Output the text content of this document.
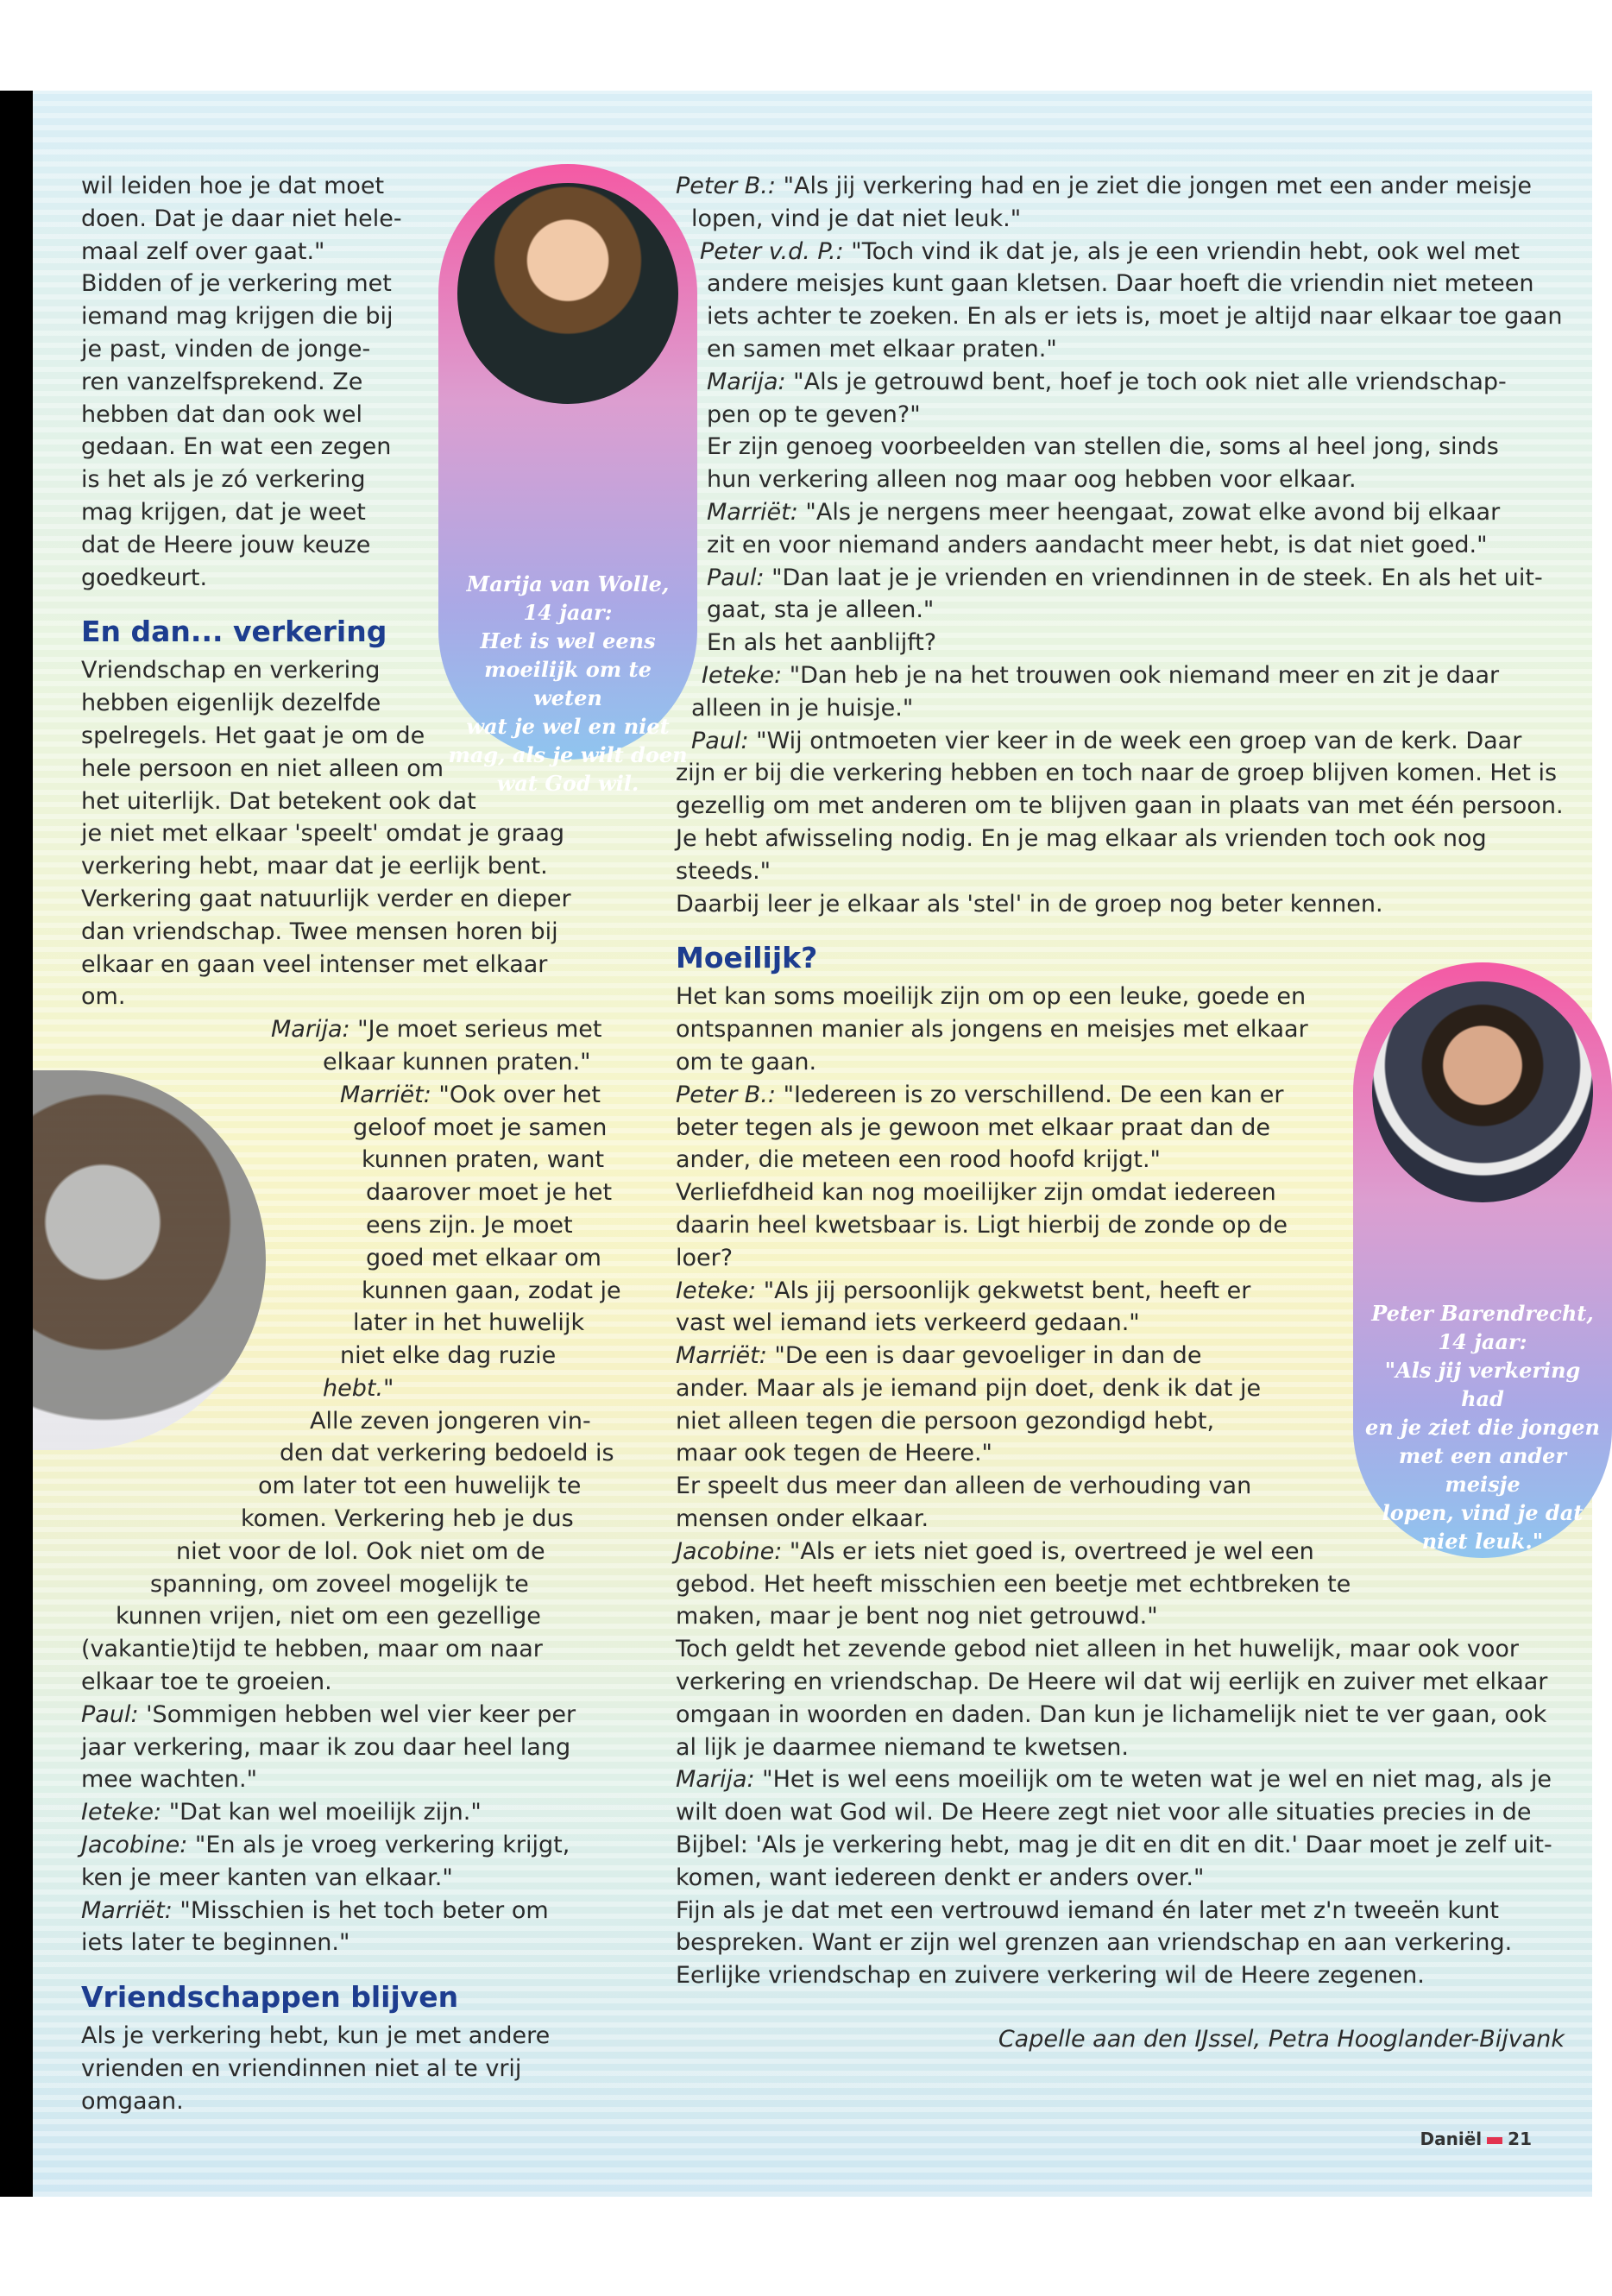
wil leiden hoe je dat moet

doen. Dat je daar niet hele-

maal zelf over gaat."

Bidden of je verkering met

iemand mag krijgen die bij

je past, vinden de jonge-

ren vanzelfsprekend. Ze

hebben dat dan ook wel

gedaan. En wat een zegen

is het als je zó verkering

mag krijgen, dat je weet

dat de Heere jouw keuze

goedkeurt.

En dan... verkering

Vriendschap en verkering

hebben eigenlijk dezelfde

spelregels. Het gaat je om de

hele persoon en niet alleen om

het uiterlijk. Dat betekent ook dat

je niet met elkaar 'speelt' omdat je graag

verkering hebt, maar dat je eerlijk bent.

Verkering gaat natuurlijk verder en dieper

dan vriendschap. Twee mensen horen bij

elkaar en gaan veel intenser met elkaar

om.

Marija: "Je moet serieus met

elkaar kunnen praten."

Marriët: "Ook over het

geloof moet je samen

kunnen praten, want

daarover moet je het

eens zijn. Je moet

goed met elkaar om

kunnen gaan, zodat je

later in het huwelijk

niet elke dag ruzie

hebt."

Alle zeven jongeren vin-

den dat verkering bedoeld is

om later tot een huwelijk te

komen. Verkering heb je dus

niet voor de lol. Ook niet om de

spanning, om zoveel mogelijk te

kunnen vrijen, niet om een gezellige

(vakantie)tijd te hebben, maar om naar

elkaar toe te groeien.

Paul: 'Sommigen hebben wel vier keer per

jaar verkering, maar ik zou daar heel lang

mee wachten."

Ieteke: "Dat kan wel moeilijk zijn."

Jacobine: "En als je vroeg verkering krijgt,

ken je meer kanten van elkaar."

Marriët: "Misschien is het toch beter om

iets later te beginnen."

Vriendschappen blijven

Als je verkering hebt, kun je met andere

vrienden en vriendinnen niet al te vrij

omgaan.

Marija van Wolle,
14 jaar:
Het is wel eens
moeilijk om te weten
wat je wel en niet
mag, als je wilt doen
wat God wil.

Peter B.: "Als jij verkering had en je ziet die jongen met een ander meisje

lopen, vind je dat niet leuk."

Peter v.d. P.: "Toch vind ik dat je, als je een vriendin hebt, ook wel met

andere meisjes kunt gaan kletsen. Daar hoeft die vriendin niet meteen

iets achter te zoeken. En als er iets is, moet je altijd naar elkaar toe gaan

en samen met elkaar praten."

Marija: "Als je getrouwd bent, hoef je toch ook niet alle vriendschap-

pen op te geven?"

Er zijn genoeg voorbeelden van stellen die, soms al heel jong, sinds

hun verkering alleen nog maar oog hebben voor elkaar.

Marriët: "Als je nergens meer heengaat, zowat elke avond bij elkaar

zit en voor niemand anders aandacht meer hebt, is dat niet goed."

Paul: "Dan laat je je vrienden en vriendinnen in de steek. En als het uit-

gaat, sta je alleen."

En als het aanblijft?

Ieteke: "Dan heb je na het trouwen ook niemand meer en zit je daar

alleen in je huisje."

Paul: "Wij ontmoeten vier keer in de week een groep van de kerk. Daar

zijn er bij die verkering hebben en toch naar de groep blijven komen. Het is

gezellig om met anderen om te blijven gaan in plaats van met één persoon.

Je hebt afwisseling nodig. En je mag elkaar als vrienden toch ook nog

steeds."

Daarbij leer je elkaar als 'stel' in de groep nog beter kennen.

Moeilijk?

Het kan soms moeilijk zijn om op een leuke, goede en

ontspannen manier als jongens en meisjes met elkaar

om te gaan.

Peter B.: "Iedereen is zo verschillend. De een kan er

beter tegen als je gewoon met elkaar praat dan de

ander, die meteen een rood hoofd krijgt."

Verliefdheid kan nog moeilijker zijn omdat iedereen

daarin heel kwetsbaar is. Ligt hierbij de zonde op de

loer?

Ieteke: "Als jij persoonlijk gekwetst bent, heeft er

vast wel iemand iets verkeerd gedaan."

Marriët: "De een is daar gevoeliger in dan de

ander. Maar als je iemand pijn doet, denk ik dat je

niet alleen tegen die persoon gezondigd hebt,

maar ook tegen de Heere."

Er speelt dus meer dan alleen de verhouding van

mensen onder elkaar.

Jacobine: "Als er iets niet goed is, overtreed je wel een

gebod. Het heeft misschien een beetje met echtbreken te

maken, maar je bent nog niet getrouwd."

Toch geldt het zevende gebod niet alleen in het huwelijk, maar ook voor

verkering en vriendschap. De Heere wil dat wij eerlijk en zuiver met elkaar

omgaan in woorden en daden. Dan kun je lichamelijk niet te ver gaan, ook

al lijk je daarmee niemand te kwetsen.

Marija: "Het is wel eens moeilijk om te weten wat je wel en niet mag, als je

wilt doen wat God wil. De Heere zegt niet voor alle situaties precies in de

Bijbel: 'Als je verkering hebt, mag je dit en dit en dit.' Daar moet je zelf uit-

komen, want iedereen denkt er anders over."

Fijn als je dat met een vertrouwd iemand én later met z'n tweeën kunt

bespreken. Want er zijn wel grenzen aan vriendschap en aan verkering.

Eerlijke vriendschap en zuivere verkering wil de Heere zegenen.

Capelle aan den IJssel, Petra Hooglander-Bijvank

Peter Barendrecht,
14 jaar:
"Als jij verkering had
en je ziet die jongen
met een ander meisje
lopen, vind je dat
niet leuk."
Daniël 21
